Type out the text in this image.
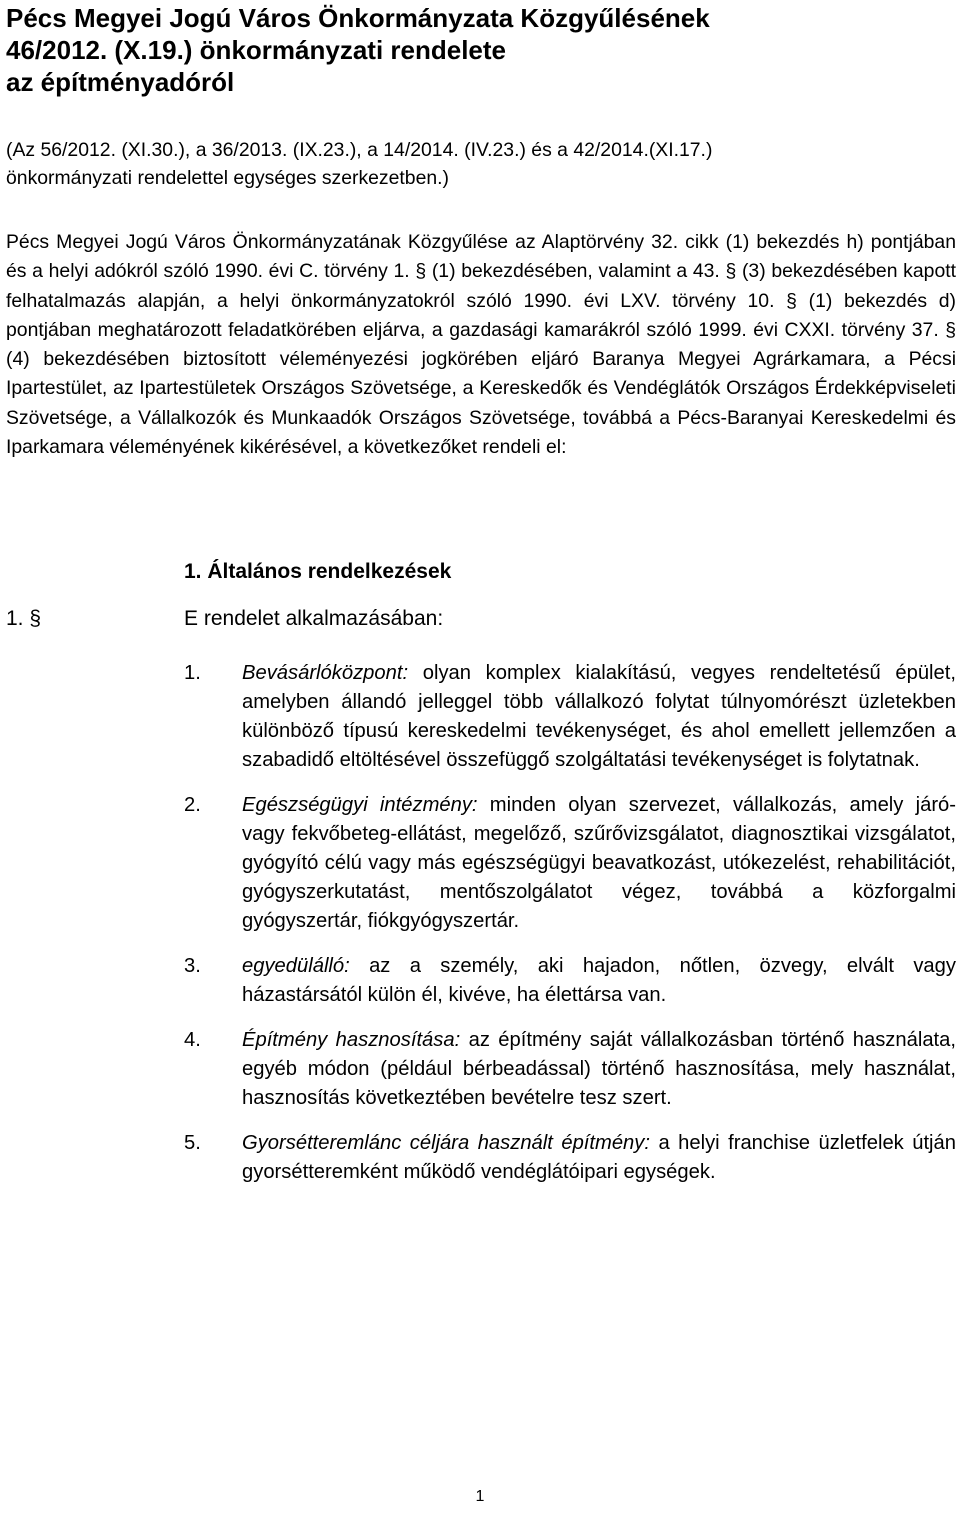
Pécs Megyei Jogú Város Önkormányzata Közgyűlésének
46/2012. (X.19.) önkormányzati rendelete
az építményadóról

(Az 56/2012. (XI.30.), a 36/2013. (IX.23.), a 14/2014. (IV.23.) és a 42/2014.(XI.17.)
önkormányzati rendelettel egységes szerkezetben.)

Pécs Megyei Jogú Város Önkormányzatának Közgyűlése az Alaptörvény 32. cikk (1) bekezdés h) pontjában és a helyi adókról szóló 1990. évi C. törvény 1. § (1) bekezdésében, valamint a 43. § (3) bekezdésében kapott felhatalmazás alapján, a helyi önkormányzatokról szóló 1990. évi LXV. törvény 10. § (1) bekezdés d) pontjában meghatározott feladatkörében eljárva, a gazdasági kamarákról szóló 1999. évi CXXI. törvény 37. § (4) bekezdésében biztosított véleményezési jogkörében eljáró Baranya Megyei Agrárkamara, a Pécsi Ipartestület, az Ipartestületek Országos Szövetsége, a Kereskedők és Vendéglátók Országos Érdekképviseleti Szövetsége, a Vállalkozók és Munkaadók Országos Szövetsége, továbbá a Pécs-Baranyai Kereskedelmi és Iparkamara véleményének kikérésével, a következőket rendeli el:

1. Általános rendelkezések
1. §	E rendelet alkalmazásában:
1.	Bevásárlóközpont: olyan komplex kialakítású, vegyes rendeltetésű épület, amelyben állandó jelleggel több vállalkozó folytat túlnyomórészt üzletekben különböző típusú kereskedelmi tevékenységet, és ahol emellett jellemzően a szabadidő eltöltésével összefüggő szolgáltatási tevékenységet is folytatnak.
2.	Egészségügyi intézmény: minden olyan szervezet, vállalkozás, amely járó- vagy fekvőbeteg-ellátást, megelőző, szűrővizsgálatot, diagnosztikai vizsgálatot, gyógyító célú vagy más egészségügyi beavatkozást, utókezelést, rehabilitációt, gyógyszerkutatást, mentőszolgálatot végez, továbbá a közforgalmi gyógyszertár, fiókgyógyszertár.
3.	egyedülálló: az a személy, aki hajadon, nőtlen, özvegy, elvált vagy házastársától külön él, kivéve, ha élettársa van.
4.	Építmény hasznosítása: az építmény saját vállalkozásban történő használata, egyéb módon (például bérbeadással) történő hasznosítása, mely használat, hasznosítás következtében bevételre tesz szert.
5.	Gyorsétteremlánc céljára használt építmény: a helyi franchise üzletfelek útján gyorsétteremként működő vendéglátóipari egységek.
1
